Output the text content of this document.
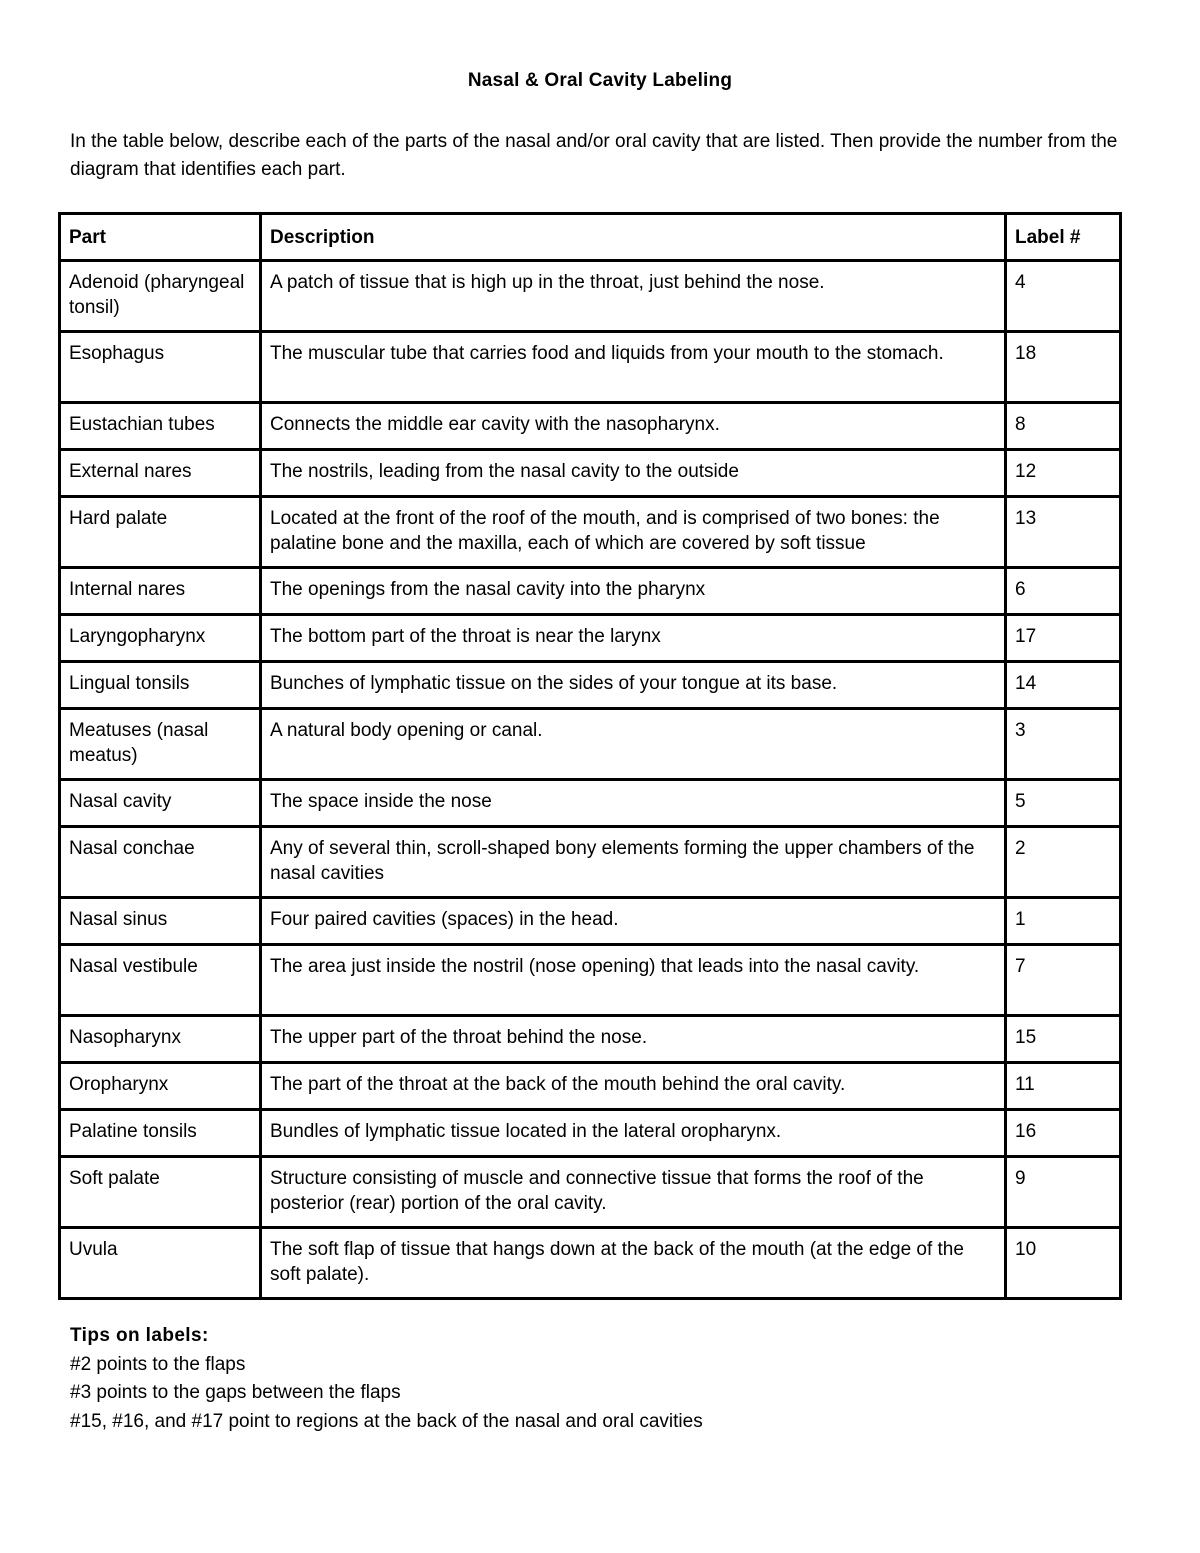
Nasal & Oral Cavity Labeling
In the table below, describe each of the parts of the nasal and/or oral cavity that are listed. Then provide the number from the diagram that identifies each part.
Part	Description	Label #
Adenoid (pharyngeal tonsil)	A patch of tissue that is high up in the throat, just behind the nose.	4
Esophagus	The muscular tube that carries food and liquids from your mouth to the stomach.	18
Eustachian tubes	Connects the middle ear cavity with the nasopharynx.	8
External nares	The nostrils, leading from the nasal cavity to the outside	12
Hard palate	Located at the front of the roof of the mouth, and is comprised of two bones: the palatine bone and the maxilla, each of which are covered by soft tissue	13
Internal nares	The openings from the nasal cavity into the pharynx	6
Laryngopharynx	The bottom part of the throat is near the larynx	17
Lingual tonsils	Bunches of lymphatic tissue on the sides of your tongue at its base.	14
Meatuses (nasal meatus)	A natural body opening or canal.	3
Nasal cavity	The space inside the nose	5
Nasal conchae	Any of several thin, scroll-shaped bony elements forming the upper chambers of the nasal cavities	2
Nasal sinus	Four paired cavities (spaces) in the head.	1
Nasal vestibule	The area just inside the nostril (nose opening) that leads into the nasal cavity.	7
Nasopharynx	The upper part of the throat behind the nose.	15
Oropharynx	The part of the throat at the back of the mouth behind the oral cavity.	11
Palatine tonsils	Bundles of lymphatic tissue located in the lateral oropharynx.	16
Soft palate	Structure consisting of muscle and connective tissue that forms the roof of the posterior (rear) portion of the oral cavity.	9
Uvula	The soft flap of tissue that hangs down at the back of the mouth (at the edge of the soft palate).	10
Tips on labels:
#2 points to the flaps
#3 points to the gaps between the flaps
#15, #16, and #17 point to regions at the back of the nasal and oral cavities
